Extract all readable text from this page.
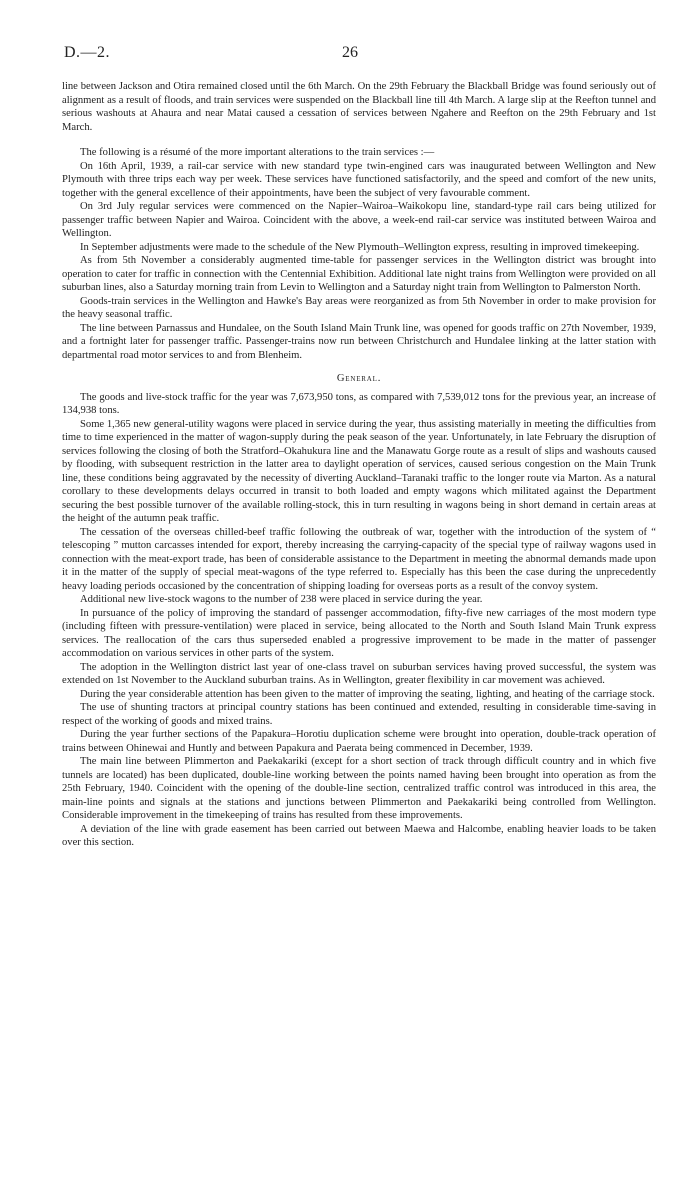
D.—2.	26

line between Jackson and Otira remained closed until the 6th March. On the 29th February the Blackball Bridge was found seriously out of alignment as a result of floods, and train services were suspended on the Blackball line till 4th March. A large slip at the Reefton tunnel and serious washouts at Ahaura and near Matai caused a cessation of services between Ngahere and Reefton on the 29th February and 1st March.

The following is a résumé of the more important alterations to the train services :—

On 16th April, 1939, a rail-car service with new standard type twin-engined cars was inaugurated between Wellington and New Plymouth with three trips each way per week. These services have functioned satisfactorily, and the speed and comfort of the new units, together with the general excellence of their appointments, have been the subject of very favourable comment.

On 3rd July regular services were commenced on the Napier–Wairoa–Waikokopu line, standard-type rail cars being utilized for passenger traffic between Napier and Wairoa. Coincident with the above, a week-end rail-car service was instituted between Wairoa and Wellington.

In September adjustments were made to the schedule of the New Plymouth–Wellington express, resulting in improved timekeeping.

As from 5th November a considerably augmented time-table for passenger services in the Wellington district was brought into operation to cater for traffic in connection with the Centennial Exhibition. Additional late night trains from Wellington were provided on all suburban lines, also a Saturday morning train from Levin to Wellington and a Saturday night train from Wellington to Palmerston North.

Goods-train services in the Wellington and Hawke's Bay areas were reorganized as from 5th November in order to make provision for the heavy seasonal traffic.

The line between Parnassus and Hundalee, on the South Island Main Trunk line, was opened for goods traffic on 27th November, 1939, and a fortnight later for passenger traffic. Passenger-trains now run between Christchurch and Hundalee linking at the latter station with departmental road motor services to and from Blenheim.

General.

The goods and live-stock traffic for the year was 7,673,950 tons, as compared with 7,539,012 tons for the previous year, an increase of 134,938 tons.

Some 1,365 new general-utility wagons were placed in service during the year, thus assisting materially in meeting the difficulties from time to time experienced in the matter of wagon-supply during the peak season of the year. Unfortunately, in late February the disruption of services following the closing of both the Stratford–Okahukura line and the Manawatu Gorge route as a result of slips and washouts caused by flooding, with subsequent restriction in the latter area to daylight operation of services, caused serious congestion on the Main Trunk line, these conditions being aggravated by the necessity of diverting Auckland–Taranaki traffic to the longer route via Marton. As a natural corollary to these developments delays occurred in transit to both loaded and empty wagons which militated against the Department securing the best possible turnover of the available rolling-stock, this in turn resulting in wagons being in short demand in certain areas at the height of the autumn peak traffic.

The cessation of the overseas chilled-beef traffic following the outbreak of war, together with the introduction of the system of “ telescoping ” mutton carcasses intended for export, thereby increasing the carrying-capacity of the special type of railway wagons used in connection with the meat-export trade, has been of considerable assistance to the Department in meeting the abnormal demands made upon it in the matter of the supply of special meat-wagons of the type referred to. Especially has this been the case during the unprecedently heavy loading periods occasioned by the concentration of shipping loading for overseas ports as a result of the convoy system.

Additional new live-stock wagons to the number of 238 were placed in service during the year.

In pursuance of the policy of improving the standard of passenger accommodation, fifty-five new carriages of the most modern type (including fifteen with pressure-ventilation) were placed in service, being allocated to the North and South Island Main Trunk express services. The reallocation of the cars thus superseded enabled a progressive improvement to be made in the matter of passenger accommodation on various services in other parts of the system.

The adoption in the Wellington district last year of one-class travel on suburban services having proved successful, the system was extended on 1st November to the Auckland suburban trains. As in Wellington, greater flexibility in car movement was achieved.

During the year considerable attention has been given to the matter of improving the seating, lighting, and heating of the carriage stock.

The use of shunting tractors at principal country stations has been continued and extended, resulting in considerable time-saving in respect of the working of goods and mixed trains.

During the year further sections of the Papakura–Horotiu duplication scheme were brought into operation, double-track operation of trains between Ohinewai and Huntly and between Papakura and Paerata being commenced in December, 1939.

The main line between Plimmerton and Paekakariki (except for a short section of track through difficult country and in which five tunnels are located) has been duplicated, double-line working between the points named having been brought into operation as from the 25th February, 1940. Coincident with the opening of the double-line section, centralized traffic control was introduced in this area, the main-line points and signals at the stations and junctions between Plimmerton and Paekakariki being controlled from Wellington. Considerable improvement in the timekeeping of trains has resulted from these improvements.

A deviation of the line with grade easement has been carried out between Maewa and Halcombe, enabling heavier loads to be taken over this section.
